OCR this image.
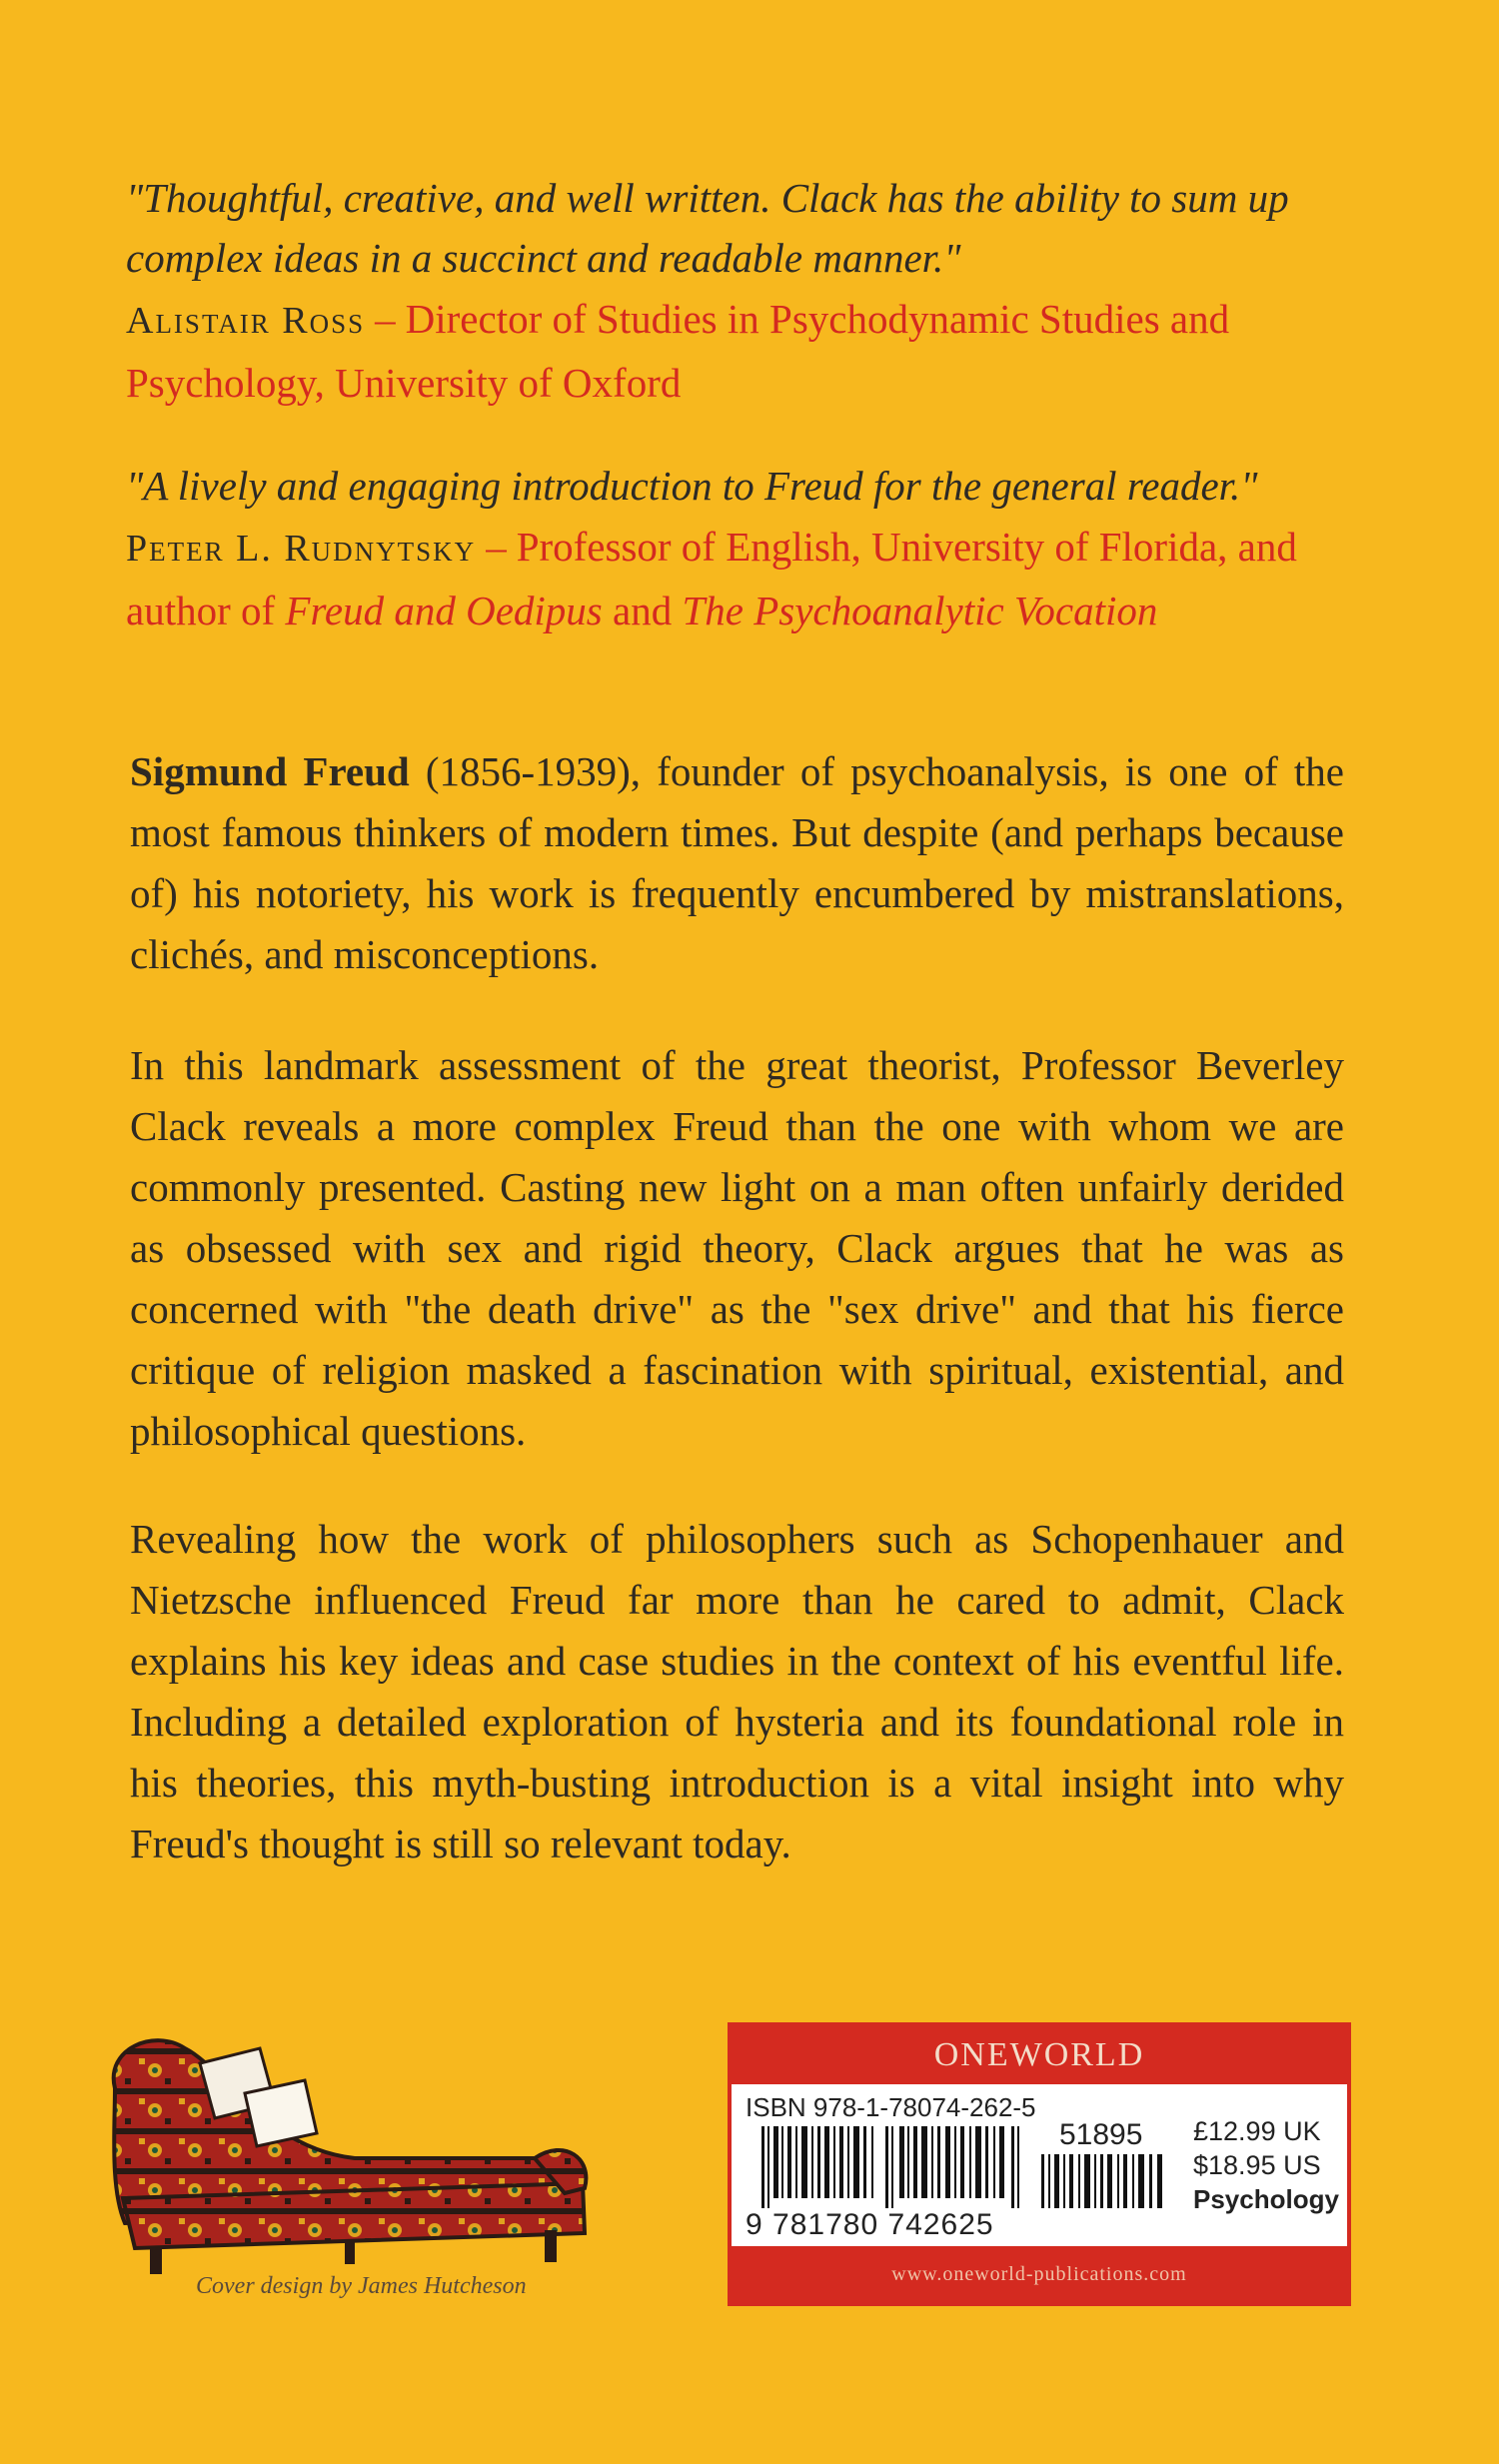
"Thoughtful, creative, and well written. Clack has the ability to sum up complex ideas in a succinct and readable manner."

Alistair Ross – Director of Studies in Psychodynamic Studies and Psychology, University of Oxford

"A lively and engaging introduction to Freud for the general reader."

Peter L. Rudnytsky – Professor of English, University of Florida, and author of Freud and Oedipus and The Psychoanalytic Vocation

Sigmund Freud (1856-1939), founder of psychoanalysis, is one of the most famous thinkers of modern times. But despite (and perhaps because of) his notoriety, his work is frequently encumbered by mistranslations, clichés, and misconceptions.

In this landmark assessment of the great theorist, Professor Beverley Clack reveals a more complex Freud than the one with whom we are commonly presented. Casting new light on a man often unfairly derided as obsessed with sex and rigid theory, Clack argues that he was as concerned with "the death drive" as the "sex drive" and that his fierce critique of religion masked a fascination with spiritual, existential, and philosophical questions.

Revealing how the work of philosophers such as Schopenhauer and Nietzsche influenced Freud far more than he cared to admit, Clack explains his key ideas and case studies in the context of his eventful life. Including a detailed exploration of hysteria and its foundational role in his theories, this myth-busting introduction is a vital insight into why Freud's thought is still so relevant today.

Cover design by James Hutcheson
ONEWORLD
ISBN 978-1-78074-262-5
51895
9 781780 742625
£12.99 UK
$18.95 US
Psychology
www.oneworld-publications.com
